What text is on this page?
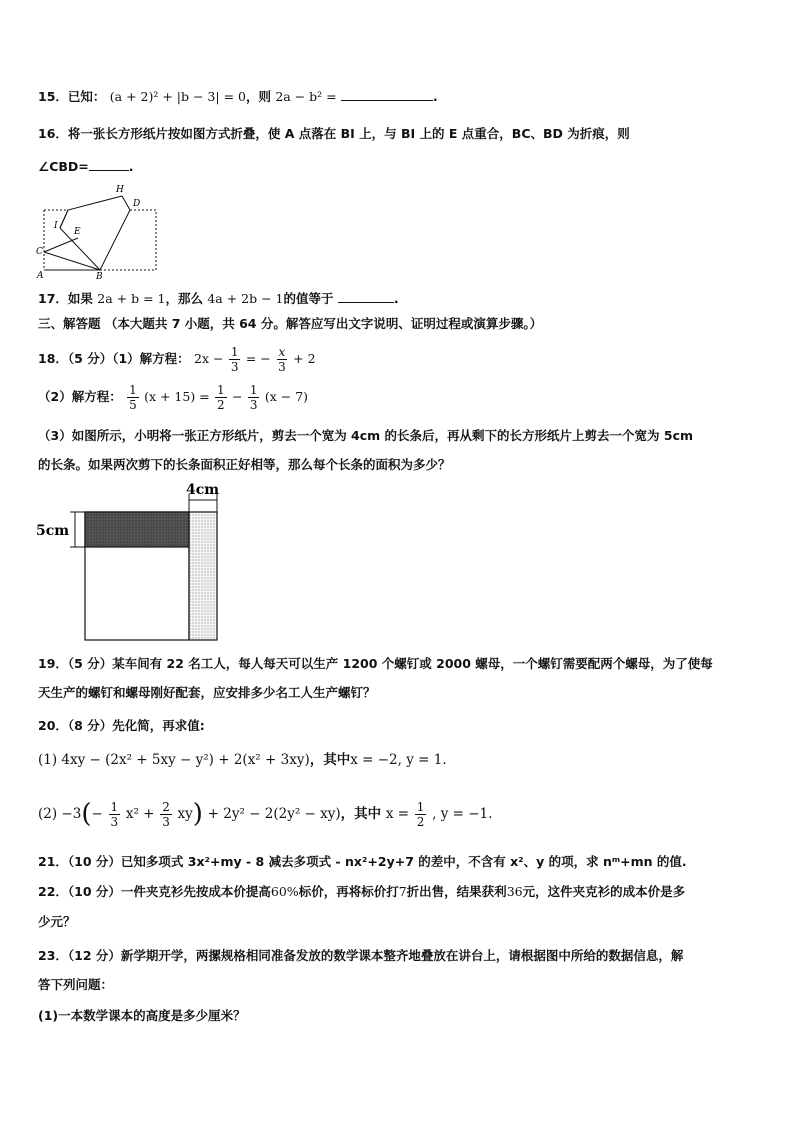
15．已知： (a + 2)² + |b − 3| = 0，则 2a − b² =	.
16．将一张长方形纸片按如图方式折叠，使 A 点落在 BI 上，与 BI 上的 E 点重合，BC、BD 为折痕，则
∠CBD=	.
H
D
I
E
C
A	B
17．如果 2a + b = 1，那么 4a + 2b − 1的值等于	.
三、解答题 （本大题共 7 小题，共 64 分。解答应写出文字说明、证明过程或演算步骤。）
18．（5 分）（1）解方程： $2x - \frac{1}{3}$ = − $\frac{x}{3} + 2$
（2）解方程： $\frac{1}{5} (x + 15) = \frac{1}{2} - \frac{1}{3} (x - 7)$
（3）如图所示，小明将一张正方形纸片，剪去一个宽为 4cm 的长条后，再从剩下的长方形纸片上剪去一个宽为 5cm
的长条。如果两次剪下的长条面积正好相等，那么每个长条的面积为多少？
4cm
5cm
19．（5 分）某车间有 22 名工人，每人每天可以生产 1200 个螺钉或 2000 螺母，一个螺钉需要配两个螺母，为了使每
天生产的螺钉和螺母刚好配套，应安排多少名工人生产螺钉？
20．（8 分）先化简，再求值:
(1) 4xy − (2x² + 5xy − y²) + 2(x² + 3xy)，其中x = −2, y = 1.
$(2) -3(- \frac{1}{3} x^2 + \frac{2}{3} xy) + 2y^2 - 2(2y^2 - xy)$，其中 $x = \frac{1}{2}$ , y = −1.
21．（10 分）已知多项式 3x²+my - 8 减去多项式 - nx²+2y+7 的差中，不含有 x²、y 的项，求 nᵐ+mn 的值.
22．（10 分）一件夹克衫先按成本价提高60%标价，再将标价打7折出售，结果获利36元，这件夹克衫的成本价是多
少元？
23．（12 分）新学期开学，两摞规格相同准备发放的数学课本整齐地叠放在讲台上，请根据图中所给的数据信息，解
答下列问题：
(1)一本数学课本的高度是多少厘米？
